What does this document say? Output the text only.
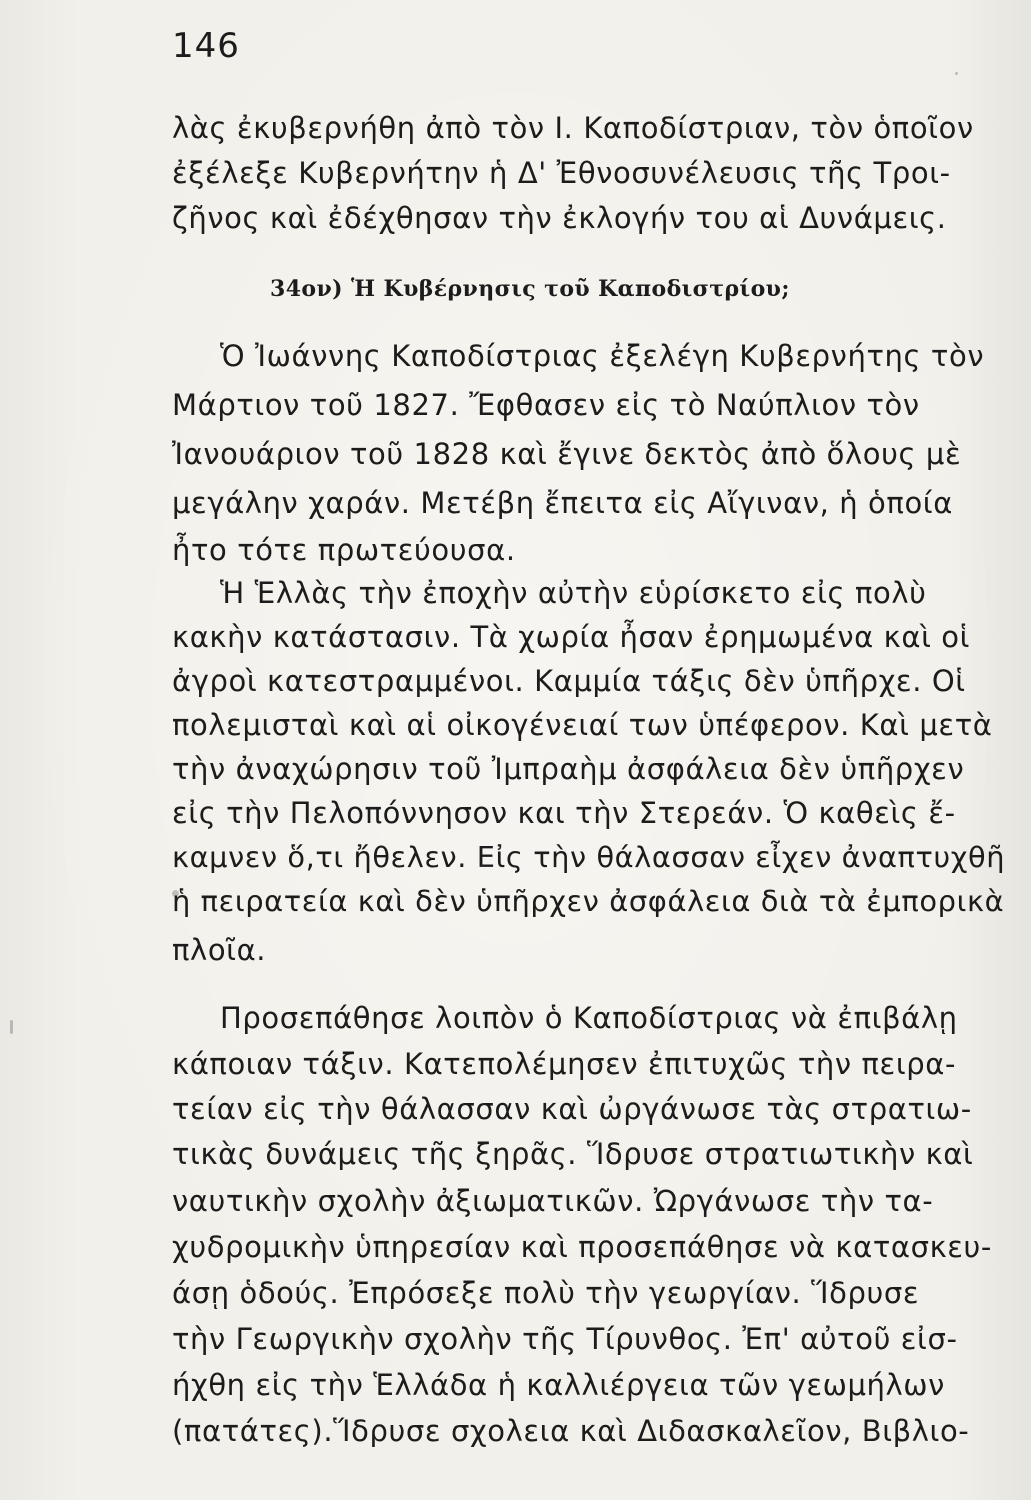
146
λὰς ἐκυβερνήθη ἀπὸ τὸν Ι. Καποδίστριαν, τὸν ὁποῖον
ἐξέλεξε Κυβερνήτην ἡ Δ' Ἐθνοσυνέλευσις τῆς Τροι-
ζῆνος καὶ ἐδέχθησαν τὴν ἐκλογήν του αἱ Δυνάμεις.
34ον) Ἡ Κυβέρνησις τοῦ Καποδιστρίου;
Ὁ Ἰωάννης Καποδίστριας ἐξελέγη Κυβερνήτης τὸν
Μάρτιον τοῦ 1827. Ἔφθασεν εἰς τὸ Ναύπλιον τὸν
Ἰανουάριον τοῦ 1828 καὶ ἔγινε δεκτὸς ἀπὸ ὅλους μὲ
μεγάλην χαράν. Μετέβη ἔπειτα εἰς Αἴγιναν, ἡ ὁποία
ἦτο τότε πρωτεύουσα.
Ἡ Ἑλλὰς τὴν ἐποχὴν αὐτὴν εὑρίσκετο εἰς πολὺ
κακὴν κατάστασιν. Τὰ χωρία ἦσαν ἐρημωμένα καὶ οἱ
ἀγροὶ κατεστραμμένοι. Καμμία τάξις δὲν ὑπῆρχε. Οἱ
πολεμισταὶ καὶ αἱ οἰκογένειαί των ὑπέφερον. Καὶ μετὰ
τὴν ἀναχώρησιν τοῦ Ἰμπραὴμ ἀσφάλεια δὲν ὑπῆρχεν
εἰς τὴν Πελοπόννησον και τὴν Στερεάν. Ὁ καθεὶς ἔ-
καμνεν ὅ,τι ἤθελεν. Εἰς τὴν θάλασσαν εἶχεν ἀναπτυχθῆ
ἡ πειρατεία καὶ δὲν ὑπῆρχεν ἀσφάλεια διὰ τὰ ἐμπορικὰ
πλοῖα.
Προσεπάθησε λοιπὸν ὁ Καποδίστριας νὰ ἐπιβάλῃ
κάποιαν τάξιν. Κατεπολέμησεν ἐπιτυχῶς τὴν πειρα-
τείαν εἰς τὴν θάλασσαν καὶ ὠργάνωσε τὰς στρατιω-
τικὰς δυνάμεις τῆς ξηρᾶς. Ἵδρυσε στρατιωτικὴν καὶ
ναυτικὴν σχολὴν ἀξιωματικῶν. Ὠργάνωσε τὴν τα-
χυδρομικὴν ὑπηρεσίαν καὶ προσεπάθησε νὰ κατασκευ-
άσῃ ὁδούς. Ἐπρόσεξε πολὺ τὴν γεωργίαν. Ἵδρυσε
τὴν Γεωργικὴν σχολὴν τῆς Τίρυνθος. Ἐπ' αὐτοῦ εἰσ-
ήχθη εἰς τὴν Ἑλλάδα ἡ καλλιέργεια τῶν γεωμήλων
(πατάτες).Ἵδρυσε σχολεια καὶ Διδασκαλεῖον, Βιβλιο-
